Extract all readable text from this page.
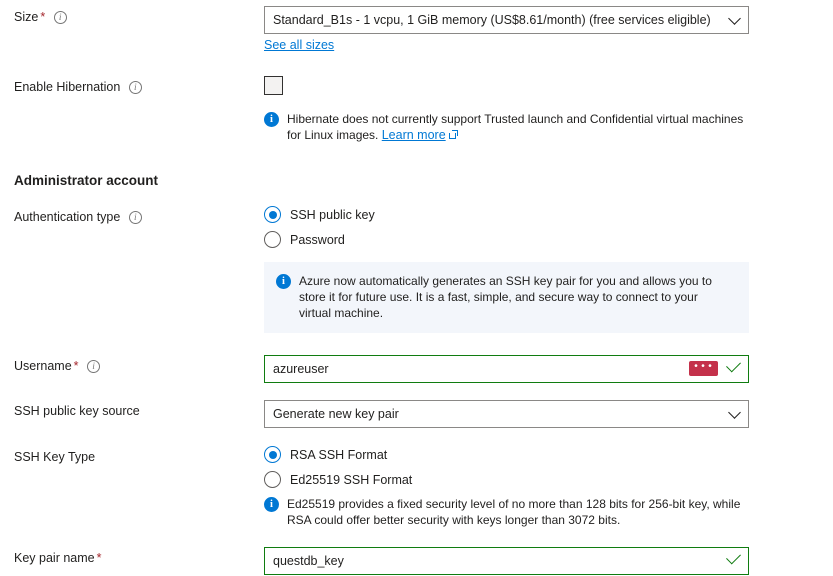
Size * i	Standard_B1s - 1 vcpu, 1 GiB memory (US$8.61/month) (free services eligible)
See all sizes
Enable Hibernation i
i	Hibernate does not currently support Trusted launch and Confidential virtual machines for Linux images. Learn more
Administrator account
Authentication type i	SSH public key
Password
i	Azure now automatically generates an SSH key pair for you and allows you to store it for future use. It is a fast, simple, and secure way to connect to your virtual machine.
Username * i	azureuser	•••
SSH public key source	Generate new key pair
SSH Key Type	RSA SSH Format
Ed25519 SSH Format
i	Ed25519 provides a fixed security level of no more than 128 bits for 256-bit key, while RSA could offer better security with keys longer than 3072 bits.
Key pair name *	questdb_key
